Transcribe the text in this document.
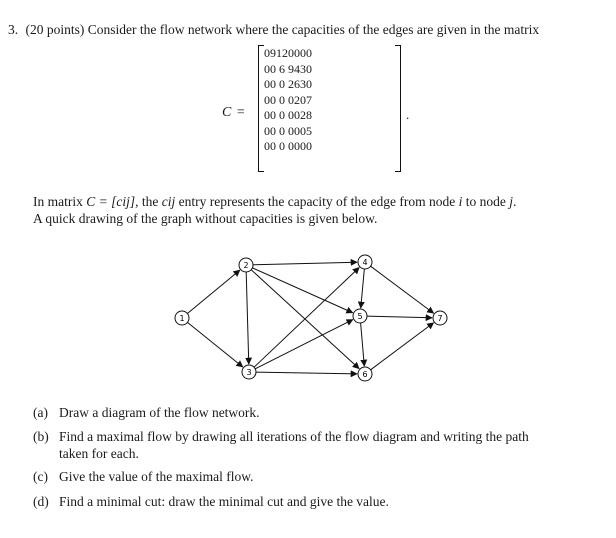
3. (20 points) Consider the flow network where the capacities of the edges are given in the matrix
C =
0	9	12	0	0	0	0
0	0	6	9	4	3	0
0	0	0	2	6	3	0
0	0	0	0	2	0	7
0	0	0	0	0	2	8
0	0	0	0	0	0	5
0	0	0	0	0	0	0
.
In matrix C = [cij], the cij entry represents the capacity of the edge from node i to node j.
A quick drawing of the graph without capacities is given below.
1
2
3
4
5
6
7
(a) Draw a diagram of the flow network.
(b) Find a maximal flow by drawing all iterations of the flow diagram and writing the path
taken for each.
(c) Give the value of the maximal flow.
(d) Find a minimal cut: draw the minimal cut and give the value.
